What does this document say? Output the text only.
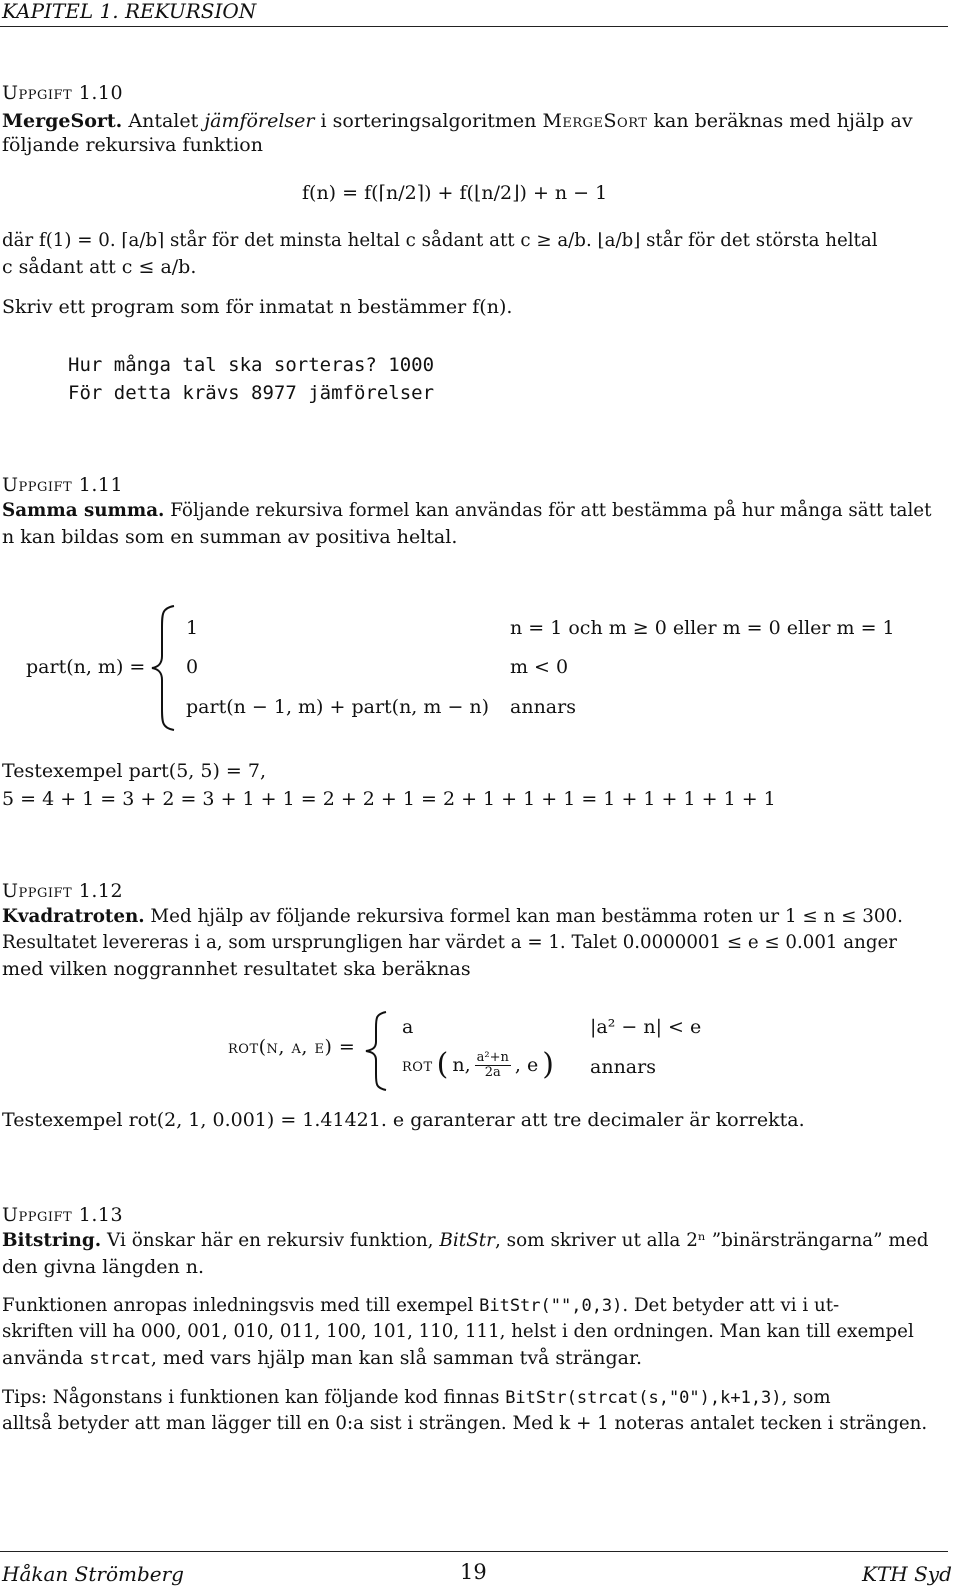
KAPITEL 1. REKURSION
Uppgift 1.10
MergeSort. Antalet jämförelser i sorteringsalgoritmen MergeSort kan beräknas med hjälp av
följande rekursiva funktion
f(n) = f(⌈n/2⌉) + f(⌊n/2⌋) + n − 1
där f(1) = 0. ⌈a/b⌉ står för det minsta heltal c sådant att c ≥ a/b. ⌊a/b⌋ står för det största heltal
c sådant att c ≤ a/b.
Skriv ett program som för inmatat n bestämmer f(n).
Hur många tal ska sorteras? 1000
För detta krävs 8977 jämförelser
Uppgift 1.11
Samma summa. Följande rekursiva formel kan användas för att bestämma på hur många sätt talet
n kan bildas som en summan av positiva heltal.
part(n, m) =
1	n = 1 och m ≥ 0 eller m = 0 eller m = 1
0	m < 0
part(n − 1, m) + part(n, m − n) annars
Testexempel part(5, 5) = 7,
5 = 4 + 1 = 3 + 2 = 3 + 1 + 1 = 2 + 2 + 1 = 2 + 1 + 1 + 1 = 1 + 1 + 1 + 1 + 1
Uppgift 1.12
Kvadratroten. Med hjälp av följande rekursiva formel kan man bestämma roten ur 1 ≤ n ≤ 300.
Resultatet levereras i a, som ursprungligen har värdet a = 1. Talet 0.0000001 ≤ e ≤ 0.001 anger
med vilken noggrannhet resultatet ska beräknas
rot(n, a, e) =
a	|a² − n| < e
rot ( n, $\frac{\text{a²+n}}{2a}$ , e ) annars
Testexempel rot(2, 1, 0.001) = 1.41421. e garanterar att tre decimaler är korrekta.
Uppgift 1.13
Bitstring. Vi önskar här en rekursiv funktion, BitStr, som skriver ut alla 2ⁿ ”binärsträngarna” med
den givna längden n.
Funktionen anropas inledningsvis med till exempel BitStr("",0,3). Det betyder att vi i ut-
skriften vill ha 000, 001, 010, 011, 100, 101, 110, 111, helst i den ordningen. Man kan till exempel
använda strcat, med vars hjälp man kan slå samman två strängar.
Tips: Någonstans i funktionen kan följande kod finnas BitStr(strcat(s,"0"),k+1,3), som
alltså betyder att man lägger till en 0:a sist i strängen. Med k + 1 noteras antalet tecken i strängen.
Håkan Strömberg	19	KTH Syd
